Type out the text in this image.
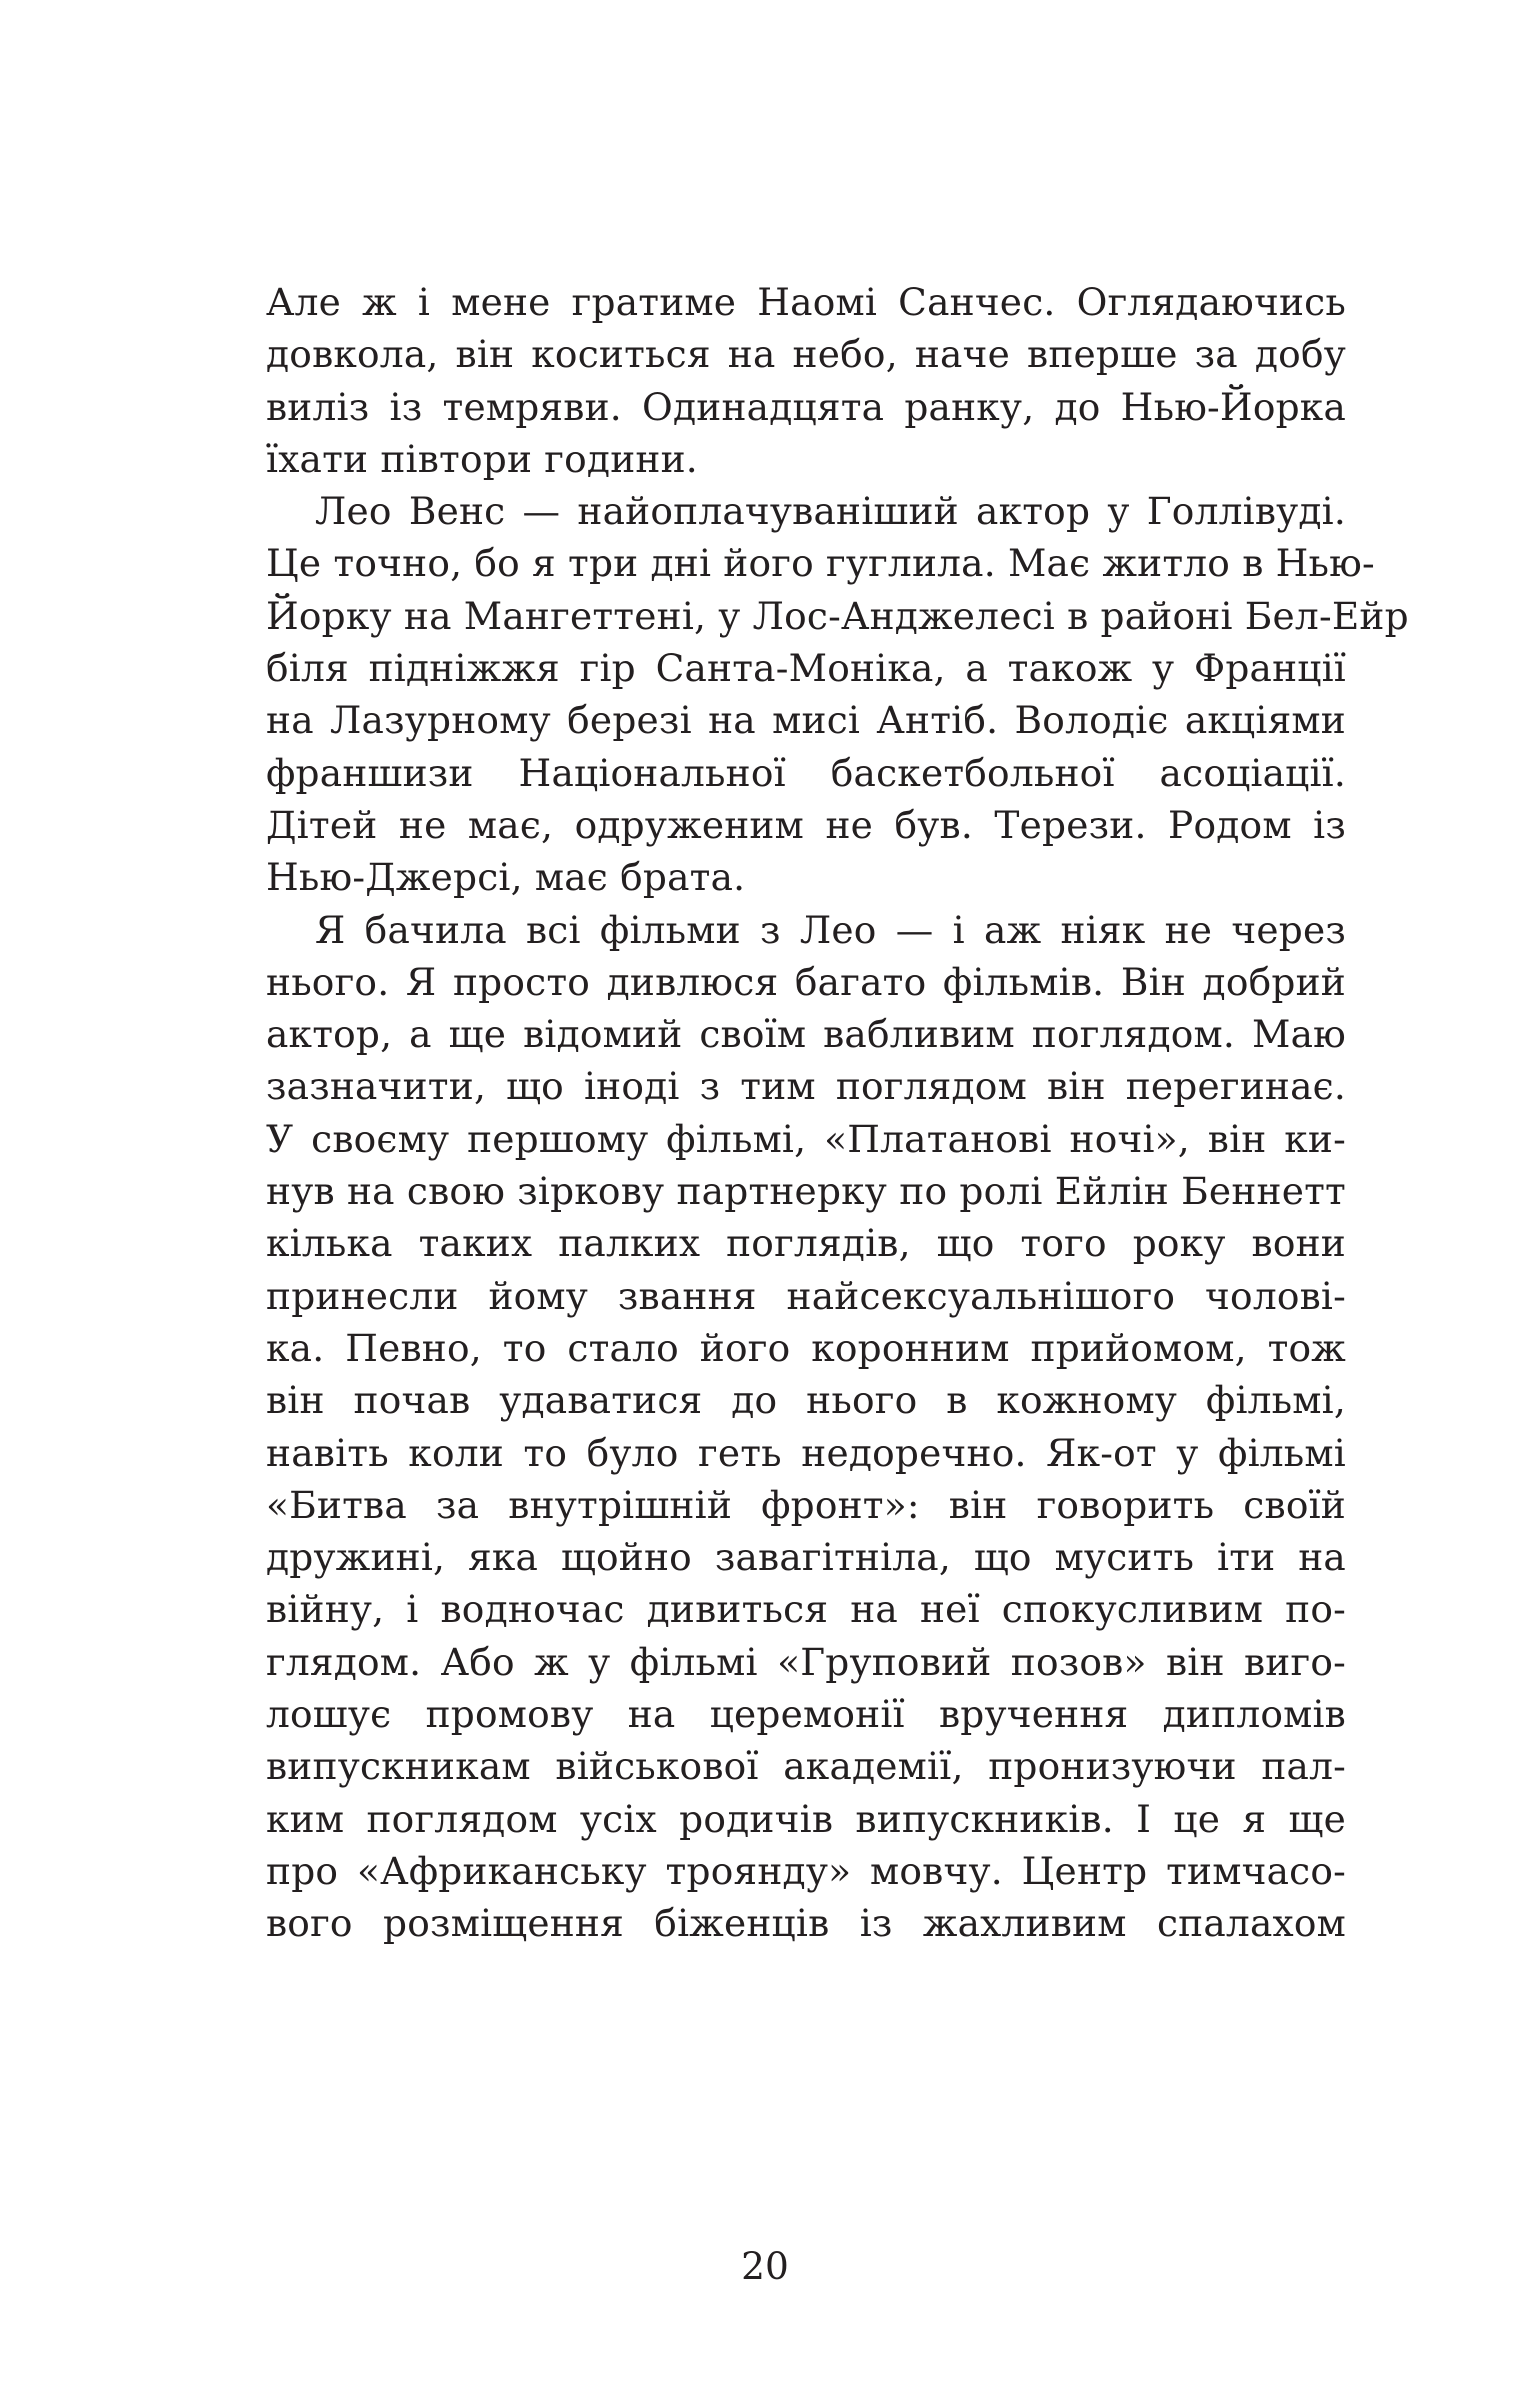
Але ж і мене гратиме Наомі Санчес. Оглядаючись
довкола, він коситься на небо, наче вперше за добу
виліз із темряви. Одинадцята ранку, до Нью-Йорка
їхати півтори години.
Лео Венс — найоплачуваніший актор у Голлівуді.
Це точно, бо я три дні його гуглила. Має житло в Нью-
Йорку на Мангеттені, у Лос-Анджелесі в районі Бел-Ейр
біля підніжжя гір Санта-Моніка, а також у Франції
на Лазурному березі на мисі Антіб. Володіє акціями
франшизи Національної баскетбольної асоціації.
Дітей не має, одруженим не був. Терези. Родом із
Нью-Джерсі, має брата.
Я бачила всі фільми з Лео — і аж ніяк не через
нього. Я просто дивлюся багато фільмів. Він добрий
актор, а ще відомий своїм вабливим поглядом. Маю
зазначити, що іноді з тим поглядом він перегинає.
У своєму першому фільмі, «Платанові ночі», він ки-
нув на свою зіркову партнерку по ролі Ейлін Беннетт
кілька таких палких поглядів, що того року вони
принесли йому звання найсексуальнішого чолові-
ка. Певно, то стало його коронним прийомом, тож
він почав удаватися до нього в кожному фільмі,
навіть коли то було геть недоречно. Як-от у фільмі
«Битва за внутрішній фронт»: він говорить своїй
дружині, яка щойно завагітніла, що мусить іти на
війну, і водночас дивиться на неї спокусливим по-
глядом. Або ж у фільмі «Груповий позов» він виго-
лошує промову на церемонії вручення дипломів
випускникам військової академії, пронизуючи пал-
ким поглядом усіх родичів випускників. І це я ще
про «Африканську троянду» мовчу. Центр тимчасо-
вого розміщення біженців із жахливим спалахом
20
